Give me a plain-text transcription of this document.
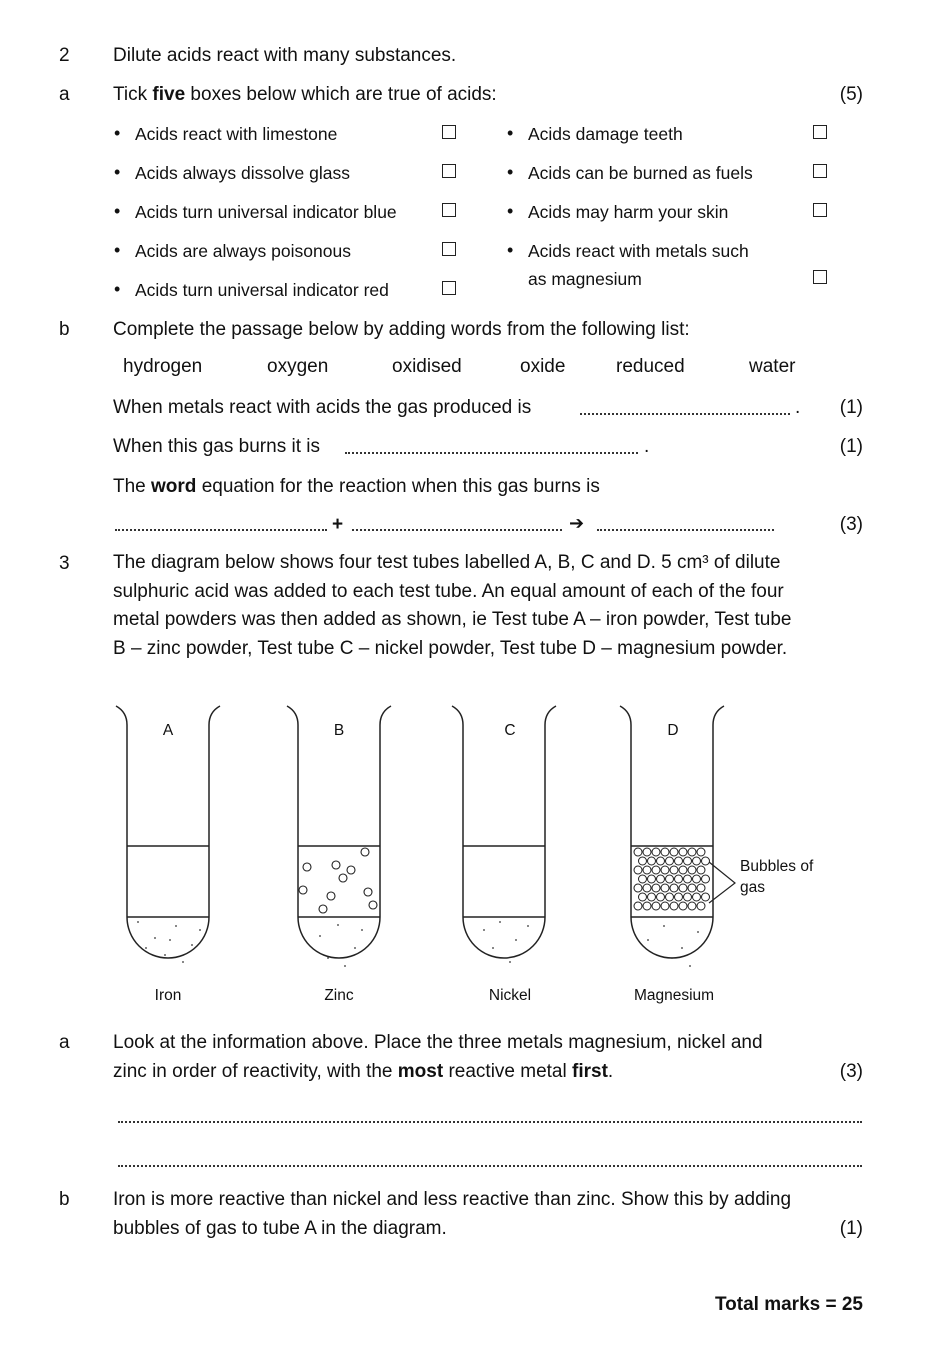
2 Dilute acids react with many substances.
a Tick five boxes below which are true of acids:	(5)
• Acids react with limestone
• Acids always dissolve glass
• Acids turn universal indicator blue
• Acids are always poisonous
• Acids turn universal indicator red
• Acids damage teeth
• Acids can be burned as fuels
• Acids may harm your skin
• Acids react with metals such
as magnesium
b Complete the passage below by adding words from the following list:
hydrogen	oxygen	oxidised	oxide	reduced	water
When metals react with acids the gas produced is	. (1)
When this gas burns it is	.	(1)
The word equation for the reaction when this gas burns is
+	➔	(3)
3 The diagram below shows four test tubes labelled A, B, C and D. 5 cm³ of dilute
sulphuric acid was added to each test tube. An equal amount of each of the four
metal powders was then added as shown, ie Test tube A – iron powder, Test tube
B – zinc powder, Test tube C – nickel powder, Test tube D – magnesium powder.
A	B	C	D
Iron	Zinc	Nickel	Magnesium
Bubbles of
gas
a Look at the information above. Place the three metals magnesium, nickel and
zinc in order of reactivity, with the most reactive metal first.	(3)
b Iron is more reactive than nickel and less reactive than zinc. Show this by adding
bubbles of gas to tube A in the diagram.	(1)
Total marks = 25
